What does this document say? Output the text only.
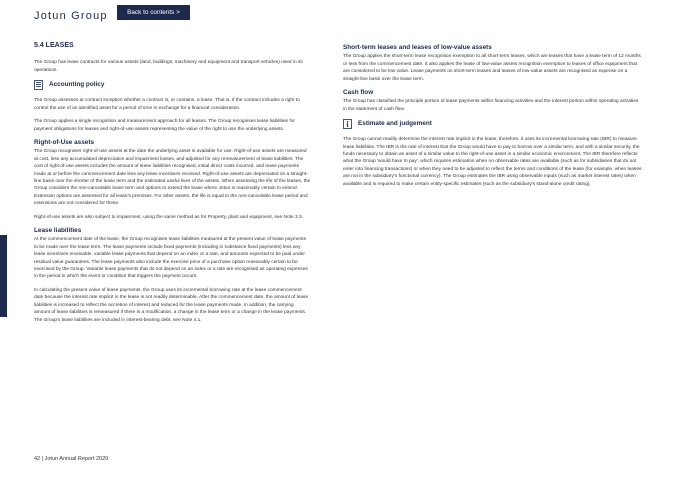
Jotun Group	Back to contents >
5.4 LEASES

The Group has lease contracts for various assets (land, buildings, machinery and equipment and transport vehicles) used in its operations.

Accounting policy

The Group assesses at contract inception whether a contract is, or contains, a lease. That is, if the contract includes a right to control the use of an identified asset for a period of time in exchange for a financial consideration.

The Group applies a single recognition and measurement approach for all leases. The Group recognises lease liabilities for payment obligations for leases and right-of-use assets representing the value of the right to use the underlying assets.

Right-of-Use assets

The Group recognises right-of-use assets at the date the underlying asset is available for use. Right-of-use assets are measured at cost, less any accumulated depreciation and impairment losses, and adjusted for any remeasurement of lease liabilities. The cost of right-of-use assets includes the amount of lease liabilities recognised, initial direct costs incurred, and lease payments made at or before the commencement date less any lease incentives received. Right-of-use assets are depreciated on a straight-line basis over the shorter of the lease term and the estimated useful lives of the assets. When assessing the life of the leases, the Group considers the non-cancelable lease term and options to extend the lease where Jotun is reasonably certain to extend. Extension options are assessed for all lease's premises. For other assets, the life is equal to the non-cancelable lease period and extensions are not considered for these.

Right-of-use assets are also subject to impairment, using the same method as for Property, plant and equipment, see Note 3.3.

Lease liabilities

At the commencement date of the lease, the Group recognises lease liabilities measured at the present value of lease payments to be made over the lease term. The lease payments include fixed payments (including in substance fixed payments) less any lease incentives receivable, variable lease payments that depend on an index or a rate, and amounts expected to be paid under residual value guarantees. The lease payments also include the exercise price of a purchase option reasonably certain to be exercised by the Group. Variable lease payments that do not depend on an index or a rate are recognised as operating expenses in the period in which the event or condition that triggers the payment occurs.

In calculating the present value of lease payments, the Group uses its incremental borrowing rate at the lease commencement date because the interest rate implicit in the lease is not readily determinable. After the commencement date, the amount of lease liabilities is increased to reflect the accretion of interest and reduced for the lease payments made. In addition, the carrying amount of lease liabilities is remeasured if there is a modification, a change in the lease term or a change in the lease payments. The Group's lease liabilities are included in interest-bearing debt, see Note 4.1.

Short-term leases and leases of low-value assets

The Group applies the short-term lease recognition exemption to all short-term leases, which are leases that have a lease term of 12 months or less from the commencement date. It also applies the lease of low-value assets recognition exemption to leases of office equipment that are considered to be low value. Lease payments on short-term leases and leases of low-value assets are recognised as expense on a straight-line basis over the lease term.

Cash flow

The Group has classified the principle portion of lease payments within financing activities and the interest portion within operating activities in the statement of cash flow.

Estimate and judgement

The Group cannot readily determine the interest rate implicit in the lease, therefore, it uses its incremental borrowing rate (IBR) to measure lease liabilities. The IBR is the rate of interest that the Group would have to pay to borrow over a similar term, and with a similar security, the funds necessary to obtain an asset of a similar value to the right-of-use asset in a similar economic environment. The IBR therefore reflects what the Group 'would have to pay', which requires estimation when no observable rates are available (such as for subsidiaries that do not enter into financing transactions) or when they need to be adjusted to reflect the terms and conditions of the lease (for example, when leases are not in the subsidiary's functional currency). The Group estimates the IBR using observable inputs (such as market interest rates) when available and is required to make certain entity-specific estimates (such as the subsidiary's stand-alone credit rating).

42 | Jotun Annual Report 2020
